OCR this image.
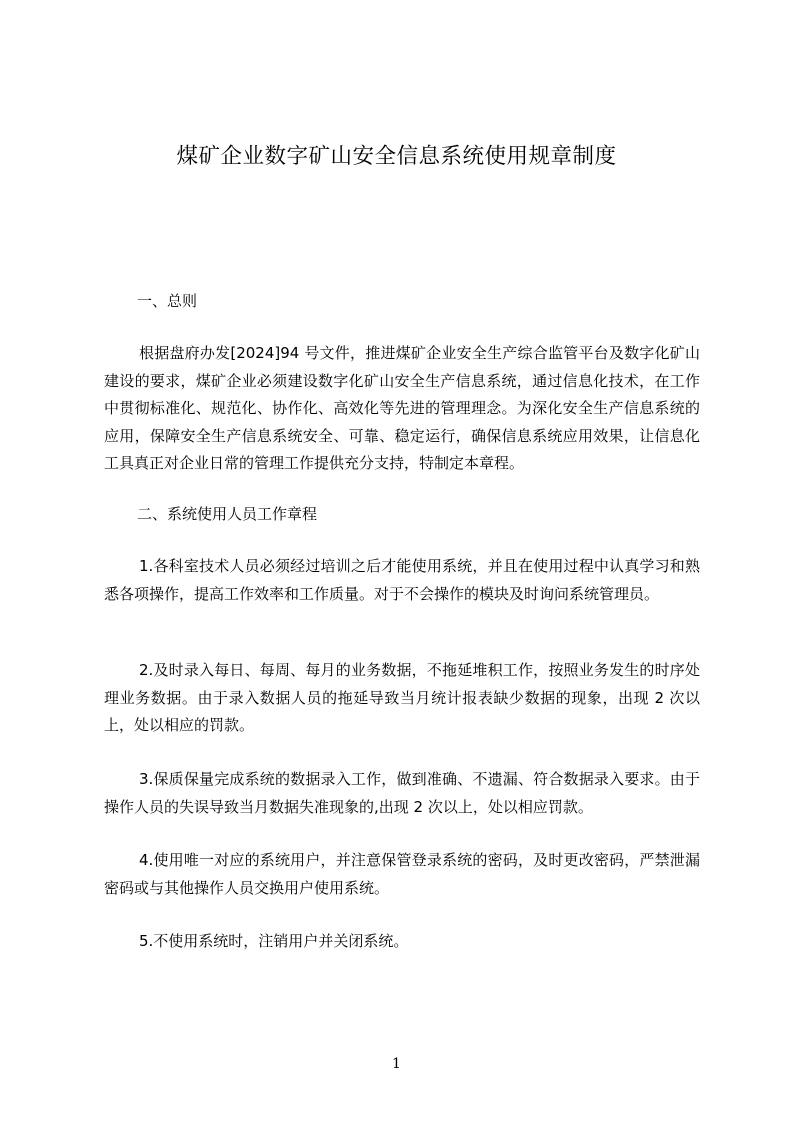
煤矿企业数字矿山安全信息系统使用规章制度
一、总则

根据盘府办发[2024]94 号文件，推进煤矿企业安全生产综合监管平台及数字化矿山建设的要求，煤矿企业必须建设数字化矿山安全生产信息系统，通过信息化技术，在工作中贯彻标准化、规范化、协作化、高效化等先进的管理理念。为深化安全生产信息系统的应用，保障安全生产信息系统安全、可靠、稳定运行，确保信息系统应用效果，让信息化工具真正对企业日常的管理工作提供充分支持，特制定本章程。

二、系统使用人员工作章程

1.各科室技术人员必须经过培训之后才能使用系统，并且在使用过程中认真学习和熟悉各项操作，提高工作效率和工作质量。对于不会操作的模块及时询问系统管理员。

2.及时录入每日、每周、每月的业务数据，不拖延堆积工作，按照业务发生的时序处理业务数据。由于录入数据人员的拖延导致当月统计报表缺少数据的现象，出现 2 次以上，处以相应的罚款。

3.保质保量完成系统的数据录入工作，做到准确、不遗漏、符合数据录入要求。由于操作人员的失误导致当月数据失准现象的,出现 2 次以上，处以相应罚款。

4.使用唯一对应的系统用户，并注意保管登录系统的密码，及时更改密码，严禁泄漏密码或与其他操作人员交换用户使用系统。

5.不使用系统时，注销用户并关闭系统。

1
